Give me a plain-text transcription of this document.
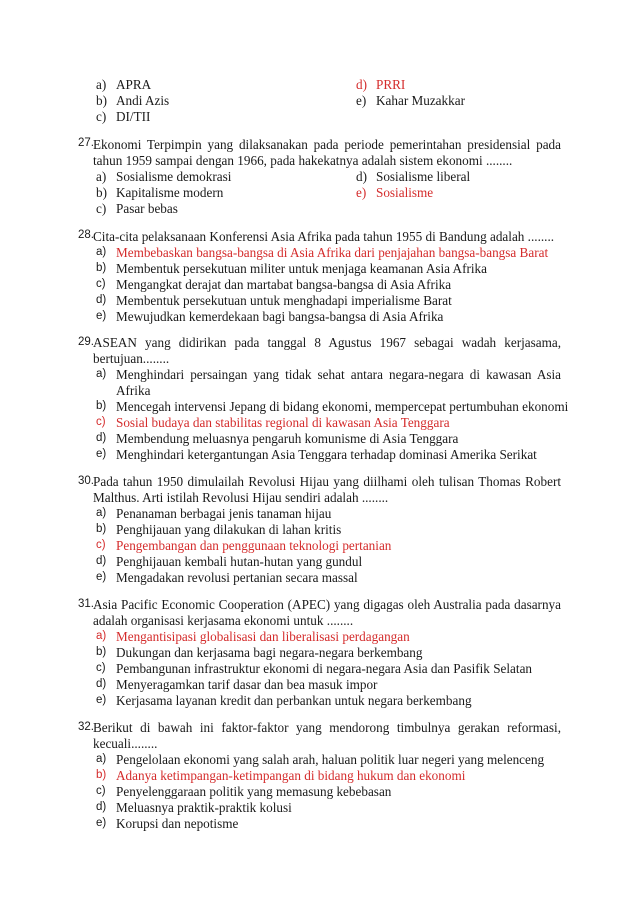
a) APRA
b) Andi Azis
c) DI/TII
d) PRRI
e) Kahar Muzakkar
27. Ekonomi Terpimpin yang dilaksanakan pada periode pemerintahan presidensial pada
tahun 1959 sampai dengan 1966, pada hakekatnya adalah sistem ekonomi ........
a) Sosialisme demokrasi
b) Kapitalisme modern
c) Pasar bebas
d) Sosialisme liberal
e) Sosialisme
28. Cita-cita pelaksanaan Konferensi Asia Afrika pada tahun 1955 di Bandung adalah ........
a) Membebaskan bangsa-bangsa di Asia Afrika dari penjajahan bangsa-bangsa Barat
b) Membentuk persekutuan militer untuk menjaga keamanan Asia Afrika
c) Mengangkat derajat dan martabat bangsa-bangsa di Asia Afrika
d) Membentuk persekutuan untuk menghadapi imperialisme Barat
e) Mewujudkan kemerdekaan bagi bangsa-bangsa di Asia Afrika
29. ASEAN yang didirikan pada tanggal 8 Agustus 1967 sebagai wadah kerjasama,
bertujuan........
a) Menghindari persaingan yang tidak sehat antara negara-negara di kawasan Asia
Afrika
b) Mencegah intervensi Jepang di bidang ekonomi, mempercepat pertumbuhan ekonomi
c) Sosial budaya dan stabilitas regional di kawasan Asia Tenggara
d) Membendung meluasnya pengaruh komunisme di Asia Tenggara
e) Menghindari ketergantungan Asia Tenggara terhadap dominasi Amerika Serikat
30. Pada tahun 1950 dimulailah Revolusi Hijau yang diilhami oleh tulisan Thomas Robert
Malthus. Arti istilah Revolusi Hijau sendiri adalah ........
a) Penanaman berbagai jenis tanaman hijau
b) Penghijauan yang dilakukan di lahan kritis
c) Pengembangan dan penggunaan teknologi pertanian
d) Penghijauan kembali hutan-hutan yang gundul
e) Mengadakan revolusi pertanian secara massal
31. Asia Pacific Economic Cooperation (APEC) yang digagas oleh Australia pada dasarnya
adalah organisasi kerjasama ekonomi untuk ........
a) Mengantisipasi globalisasi dan liberalisasi perdagangan
b) Dukungan dan kerjasama bagi negara-negara berkembang
c) Pembangunan infrastruktur ekonomi di negara-negara Asia dan Pasifik Selatan
d) Menyeragamkan tarif dasar dan bea masuk impor
e) Kerjasama layanan kredit dan perbankan untuk negara berkembang
32. Berikut di bawah ini faktor-faktor yang mendorong timbulnya gerakan reformasi,
kecuali........
a) Pengelolaan ekonomi yang salah arah, haluan politik luar negeri yang melenceng
b) Adanya ketimpangan-ketimpangan di bidang hukum dan ekonomi
c) Penyelenggaraan politik yang memasung kebebasan
d) Meluasnya praktik-praktik kolusi
e) Korupsi dan nepotisme
